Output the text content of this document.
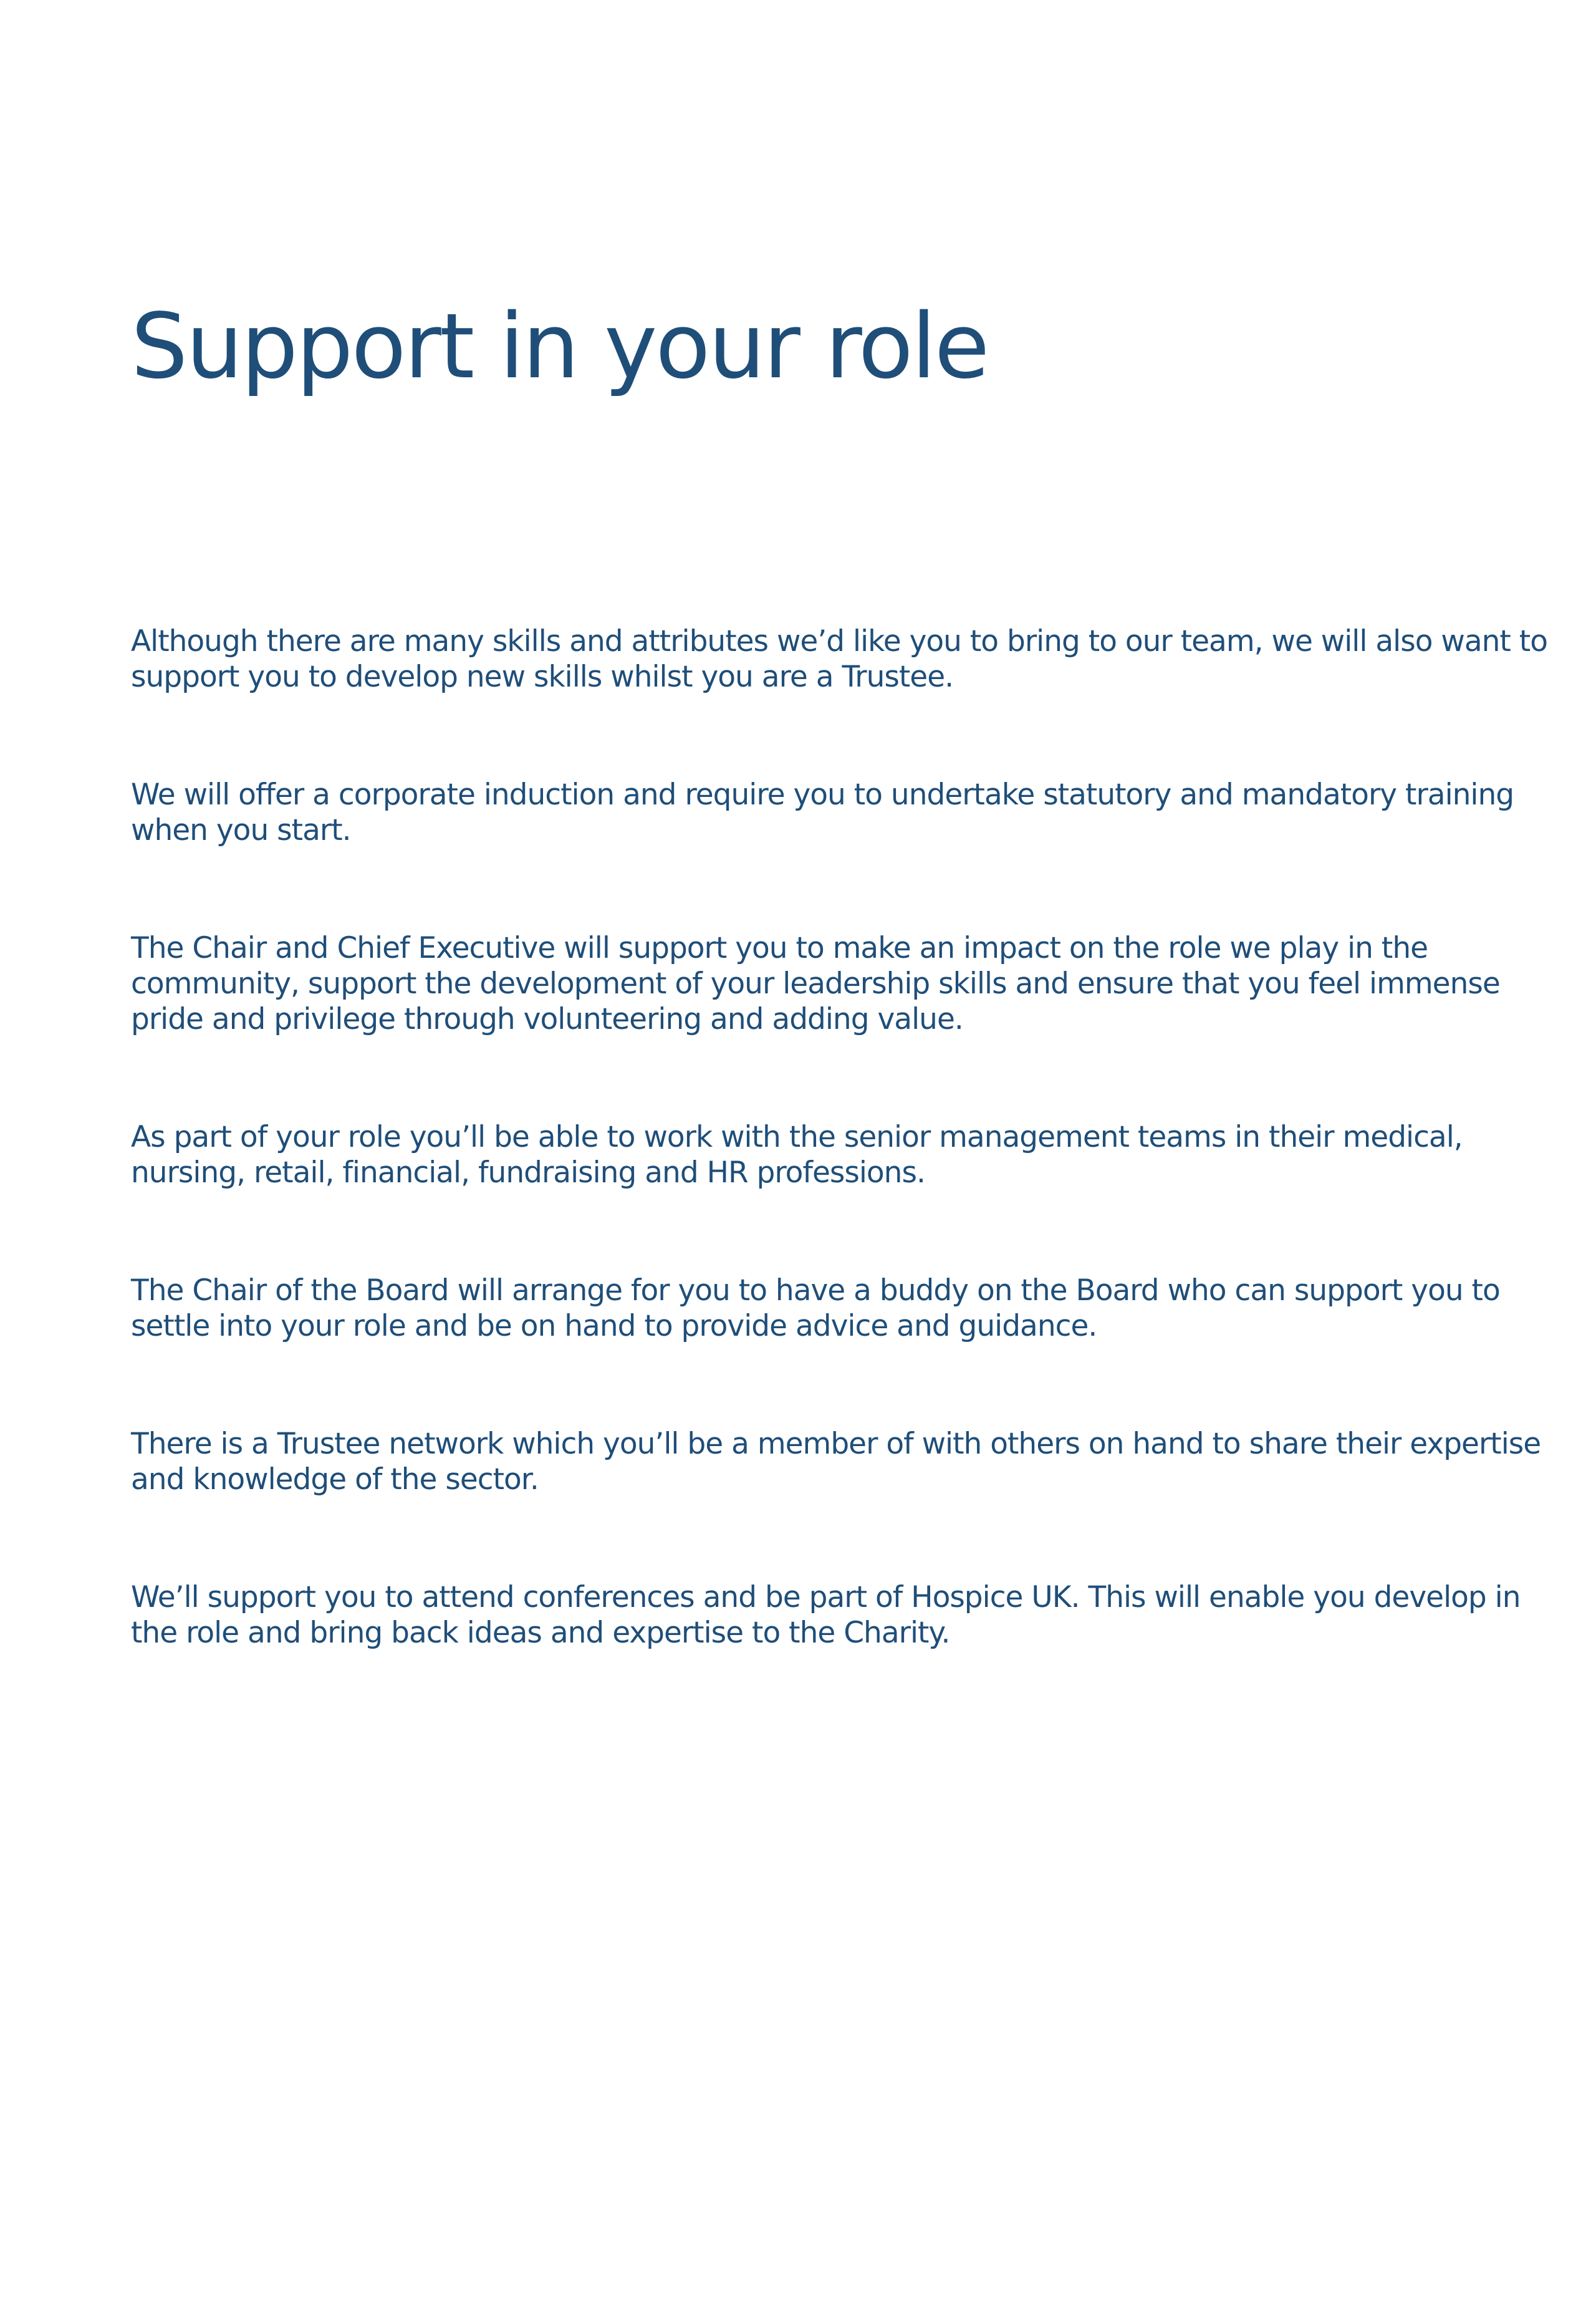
Support in your role

Although there are many skills and attributes we’d like you to bring to our team, we will also want to
support you to develop new skills whilst you are a Trustee.

We will offer a corporate induction and require you to undertake statutory and mandatory training
when you start.

The Chair and Chief Executive will support you to make an impact on the role we play in the
community, support the development of your leadership skills and ensure that you feel immense
pride and privilege through volunteering and adding value.

As part of your role you’ll be able to work with the senior management teams in their medical,
nursing, retail, financial, fundraising and HR professions.

The Chair of the Board will arrange for you to have a buddy on the Board who can support you to
settle into your role and be on hand to provide advice and guidance.

There is a Trustee network which you’ll be a member of with others on hand to share their expertise
and knowledge of the sector.

We’ll support you to attend conferences and be part of Hospice UK. This will enable you develop in
the role and bring back ideas and expertise to the Charity.
